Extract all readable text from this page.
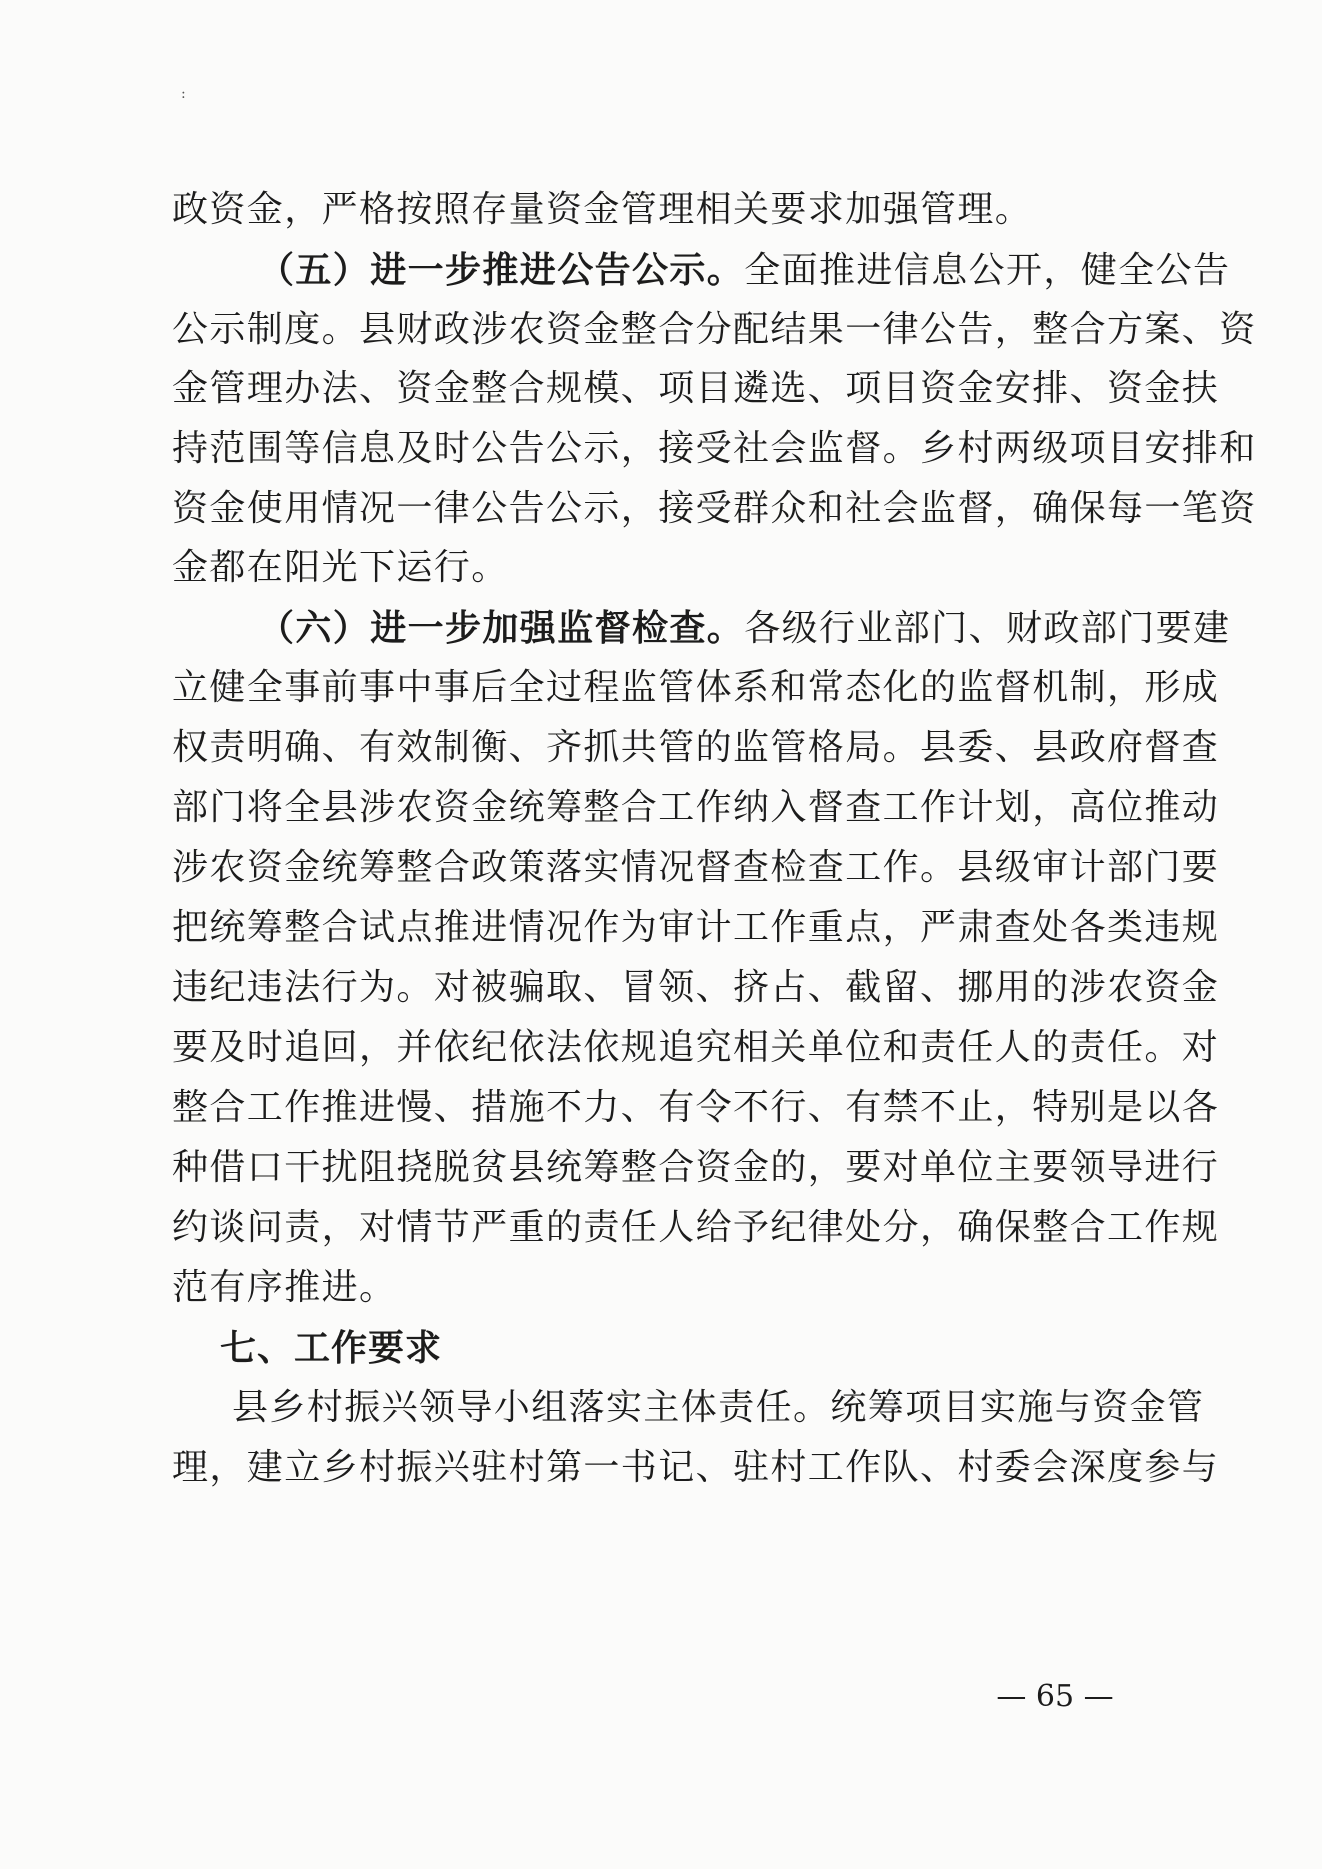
:
政资金，严格按照存量资金管理相关要求加强管理。
（五）进一步推进公告公示。全面推进信息公开，健全公告
公示制度。县财政涉农资金整合分配结果一律公告，整合方案、资
金管理办法、资金整合规模、项目遴选、项目资金安排、资金扶
持范围等信息及时公告公示，接受社会监督。乡村两级项目安排和
资金使用情况一律公告公示，接受群众和社会监督，确保每一笔资
金都在阳光下运行。
（六）进一步加强监督检查。各级行业部门、财政部门要建
立健全事前事中事后全过程监管体系和常态化的监督机制，形成
权责明确、有效制衡、齐抓共管的监管格局。县委、县政府督查
部门将全县涉农资金统筹整合工作纳入督查工作计划，高位推动
涉农资金统筹整合政策落实情况督查检查工作。县级审计部门要
把统筹整合试点推进情况作为审计工作重点，严肃查处各类违规
违纪违法行为。对被骗取、冒领、挤占、截留、挪用的涉农资金
要及时追回，并依纪依法依规追究相关单位和责任人的责任。对
整合工作推进慢、措施不力、有令不行、有禁不止，特别是以各
种借口干扰阻挠脱贫县统筹整合资金的，要对单位主要领导进行
约谈问责，对情节严重的责任人给予纪律处分，确保整合工作规
范有序推进。
七、工作要求
县乡村振兴领导小组落实主体责任。统筹项目实施与资金管
理，建立乡村振兴驻村第一书记、驻村工作队、村委会深度参与
— 65 —
